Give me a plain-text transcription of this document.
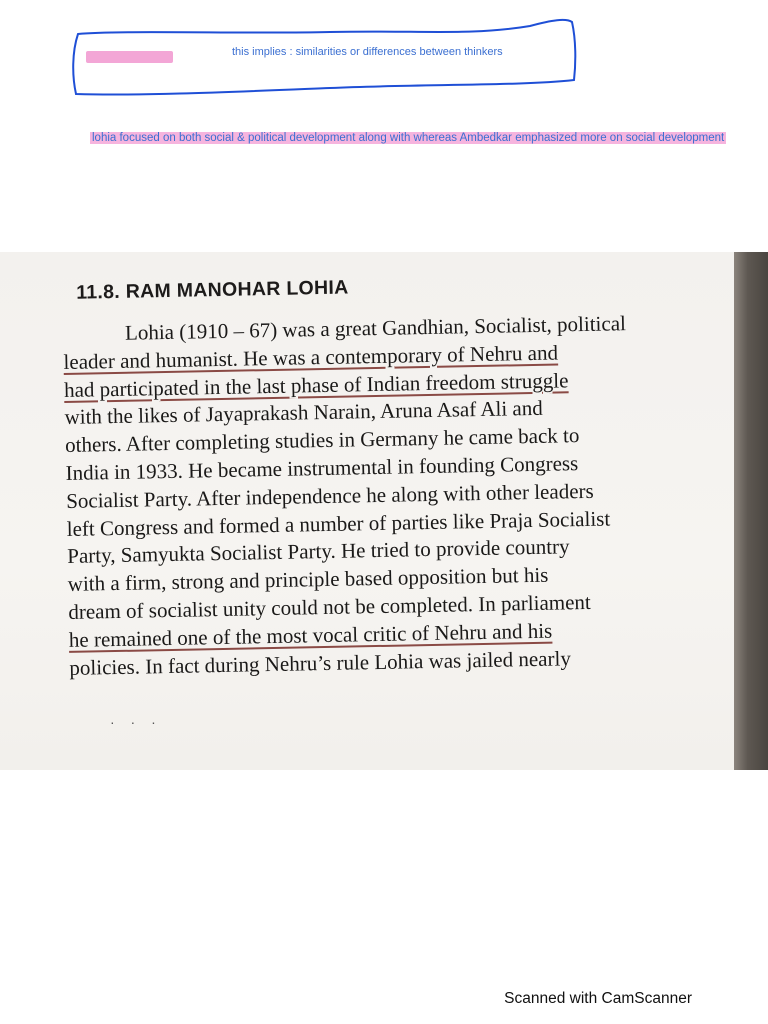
this implies : similarities or differences between thinkers
lohia focused on both social & political development along with whereas Ambedkar emphasized more on social development
11.8. RAM MANOHAR LOHIA
Lohia (1910 – 67) was a great Gandhian, Socialist, political
leader and humanist. He was a contemporary of Nehru and
had participated in the last phase of Indian freedom struggle
with the likes of Jayaprakash Narain, Aruna Asaf Ali and
others. After completing studies in Germany he came back to
India in 1933. He became instrumental in founding Congress
Socialist Party. After independence he along with other leaders
left Congress and formed a number of parties like Praja Socialist
Party, Samyukta Socialist Party. He tried to provide country
with a firm, strong and principle based opposition but his
dream of socialist unity could not be completed. In parliament
he remained one of the most vocal critic of Nehru and his
policies. In fact during Nehru’s rule Lohia was jailed nearly
· · ·
Scanned with CamScanner
